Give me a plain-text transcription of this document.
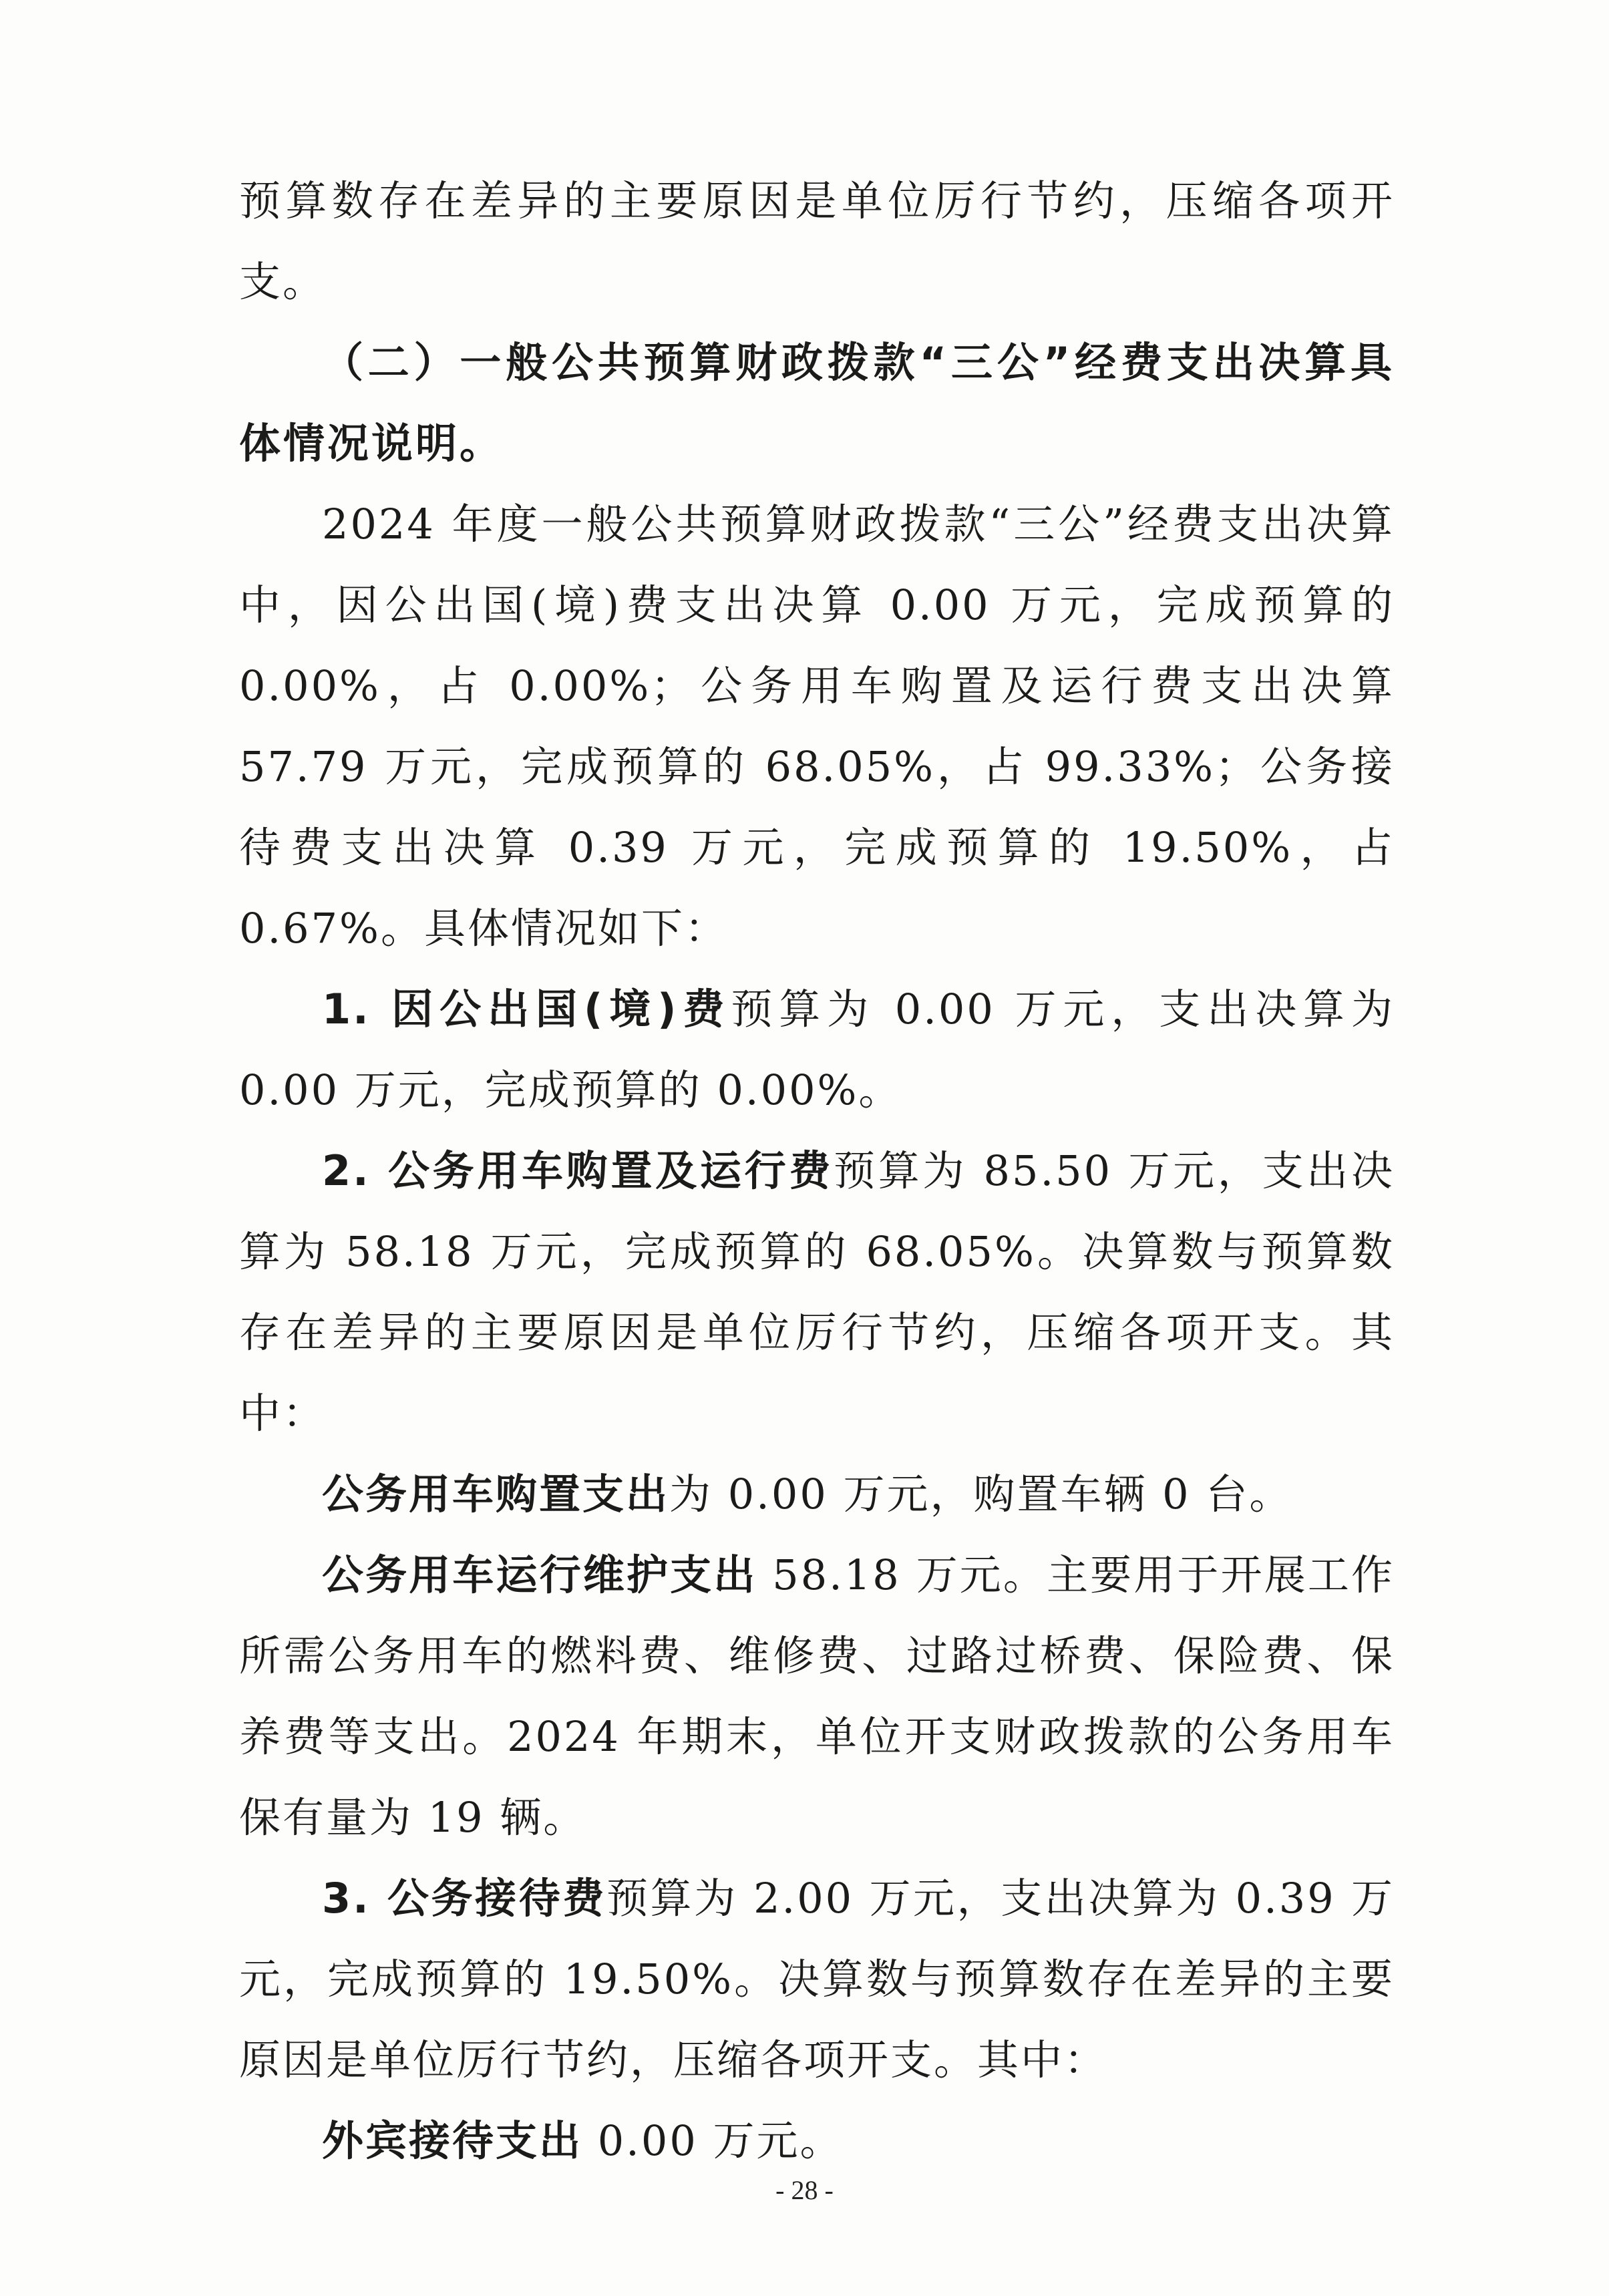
预算数存在差异的主要原因是单位厉行节约，压缩各项开支。

（二）一般公共预算财政拨款“三公”经费支出决算具体情况说明。

2024 年度一般公共预算财政拨款“三公”经费支出决算中，因公出国(境)费支出决算 0.00 万元，完成预算的 0.00%，占 0.00%；公务用车购置及运行费支出决算 57.79 万元，完成预算的 68.05%，占 99.33%；公务接待费支出决算 0.39 万元，完成预算的 19.50%，占 0.67%。具体情况如下：

1. 因公出国(境)费预算为 0.00 万元，支出决算为 0.00 万元，完成预算的 0.00%。

2. 公务用车购置及运行费预算为 85.50 万元，支出决算为 58.18 万元，完成预算的 68.05%。决算数与预算数存在差异的主要原因是单位厉行节约，压缩各项开支。其中：

公务用车购置支出为 0.00 万元，购置车辆 0 台。

公务用车运行维护支出 58.18 万元。主要用于开展工作所需公务用车的燃料费、维修费、过路过桥费、保险费、保养费等支出。2024 年期末，单位开支财政拨款的公务用车保有量为 19 辆。

3. 公务接待费预算为 2.00 万元，支出决算为 0.39 万元，完成预算的 19.50%。决算数与预算数存在差异的主要原因是单位厉行节约，压缩各项开支。其中：

外宾接待支出 0.00 万元。

- 28 -
